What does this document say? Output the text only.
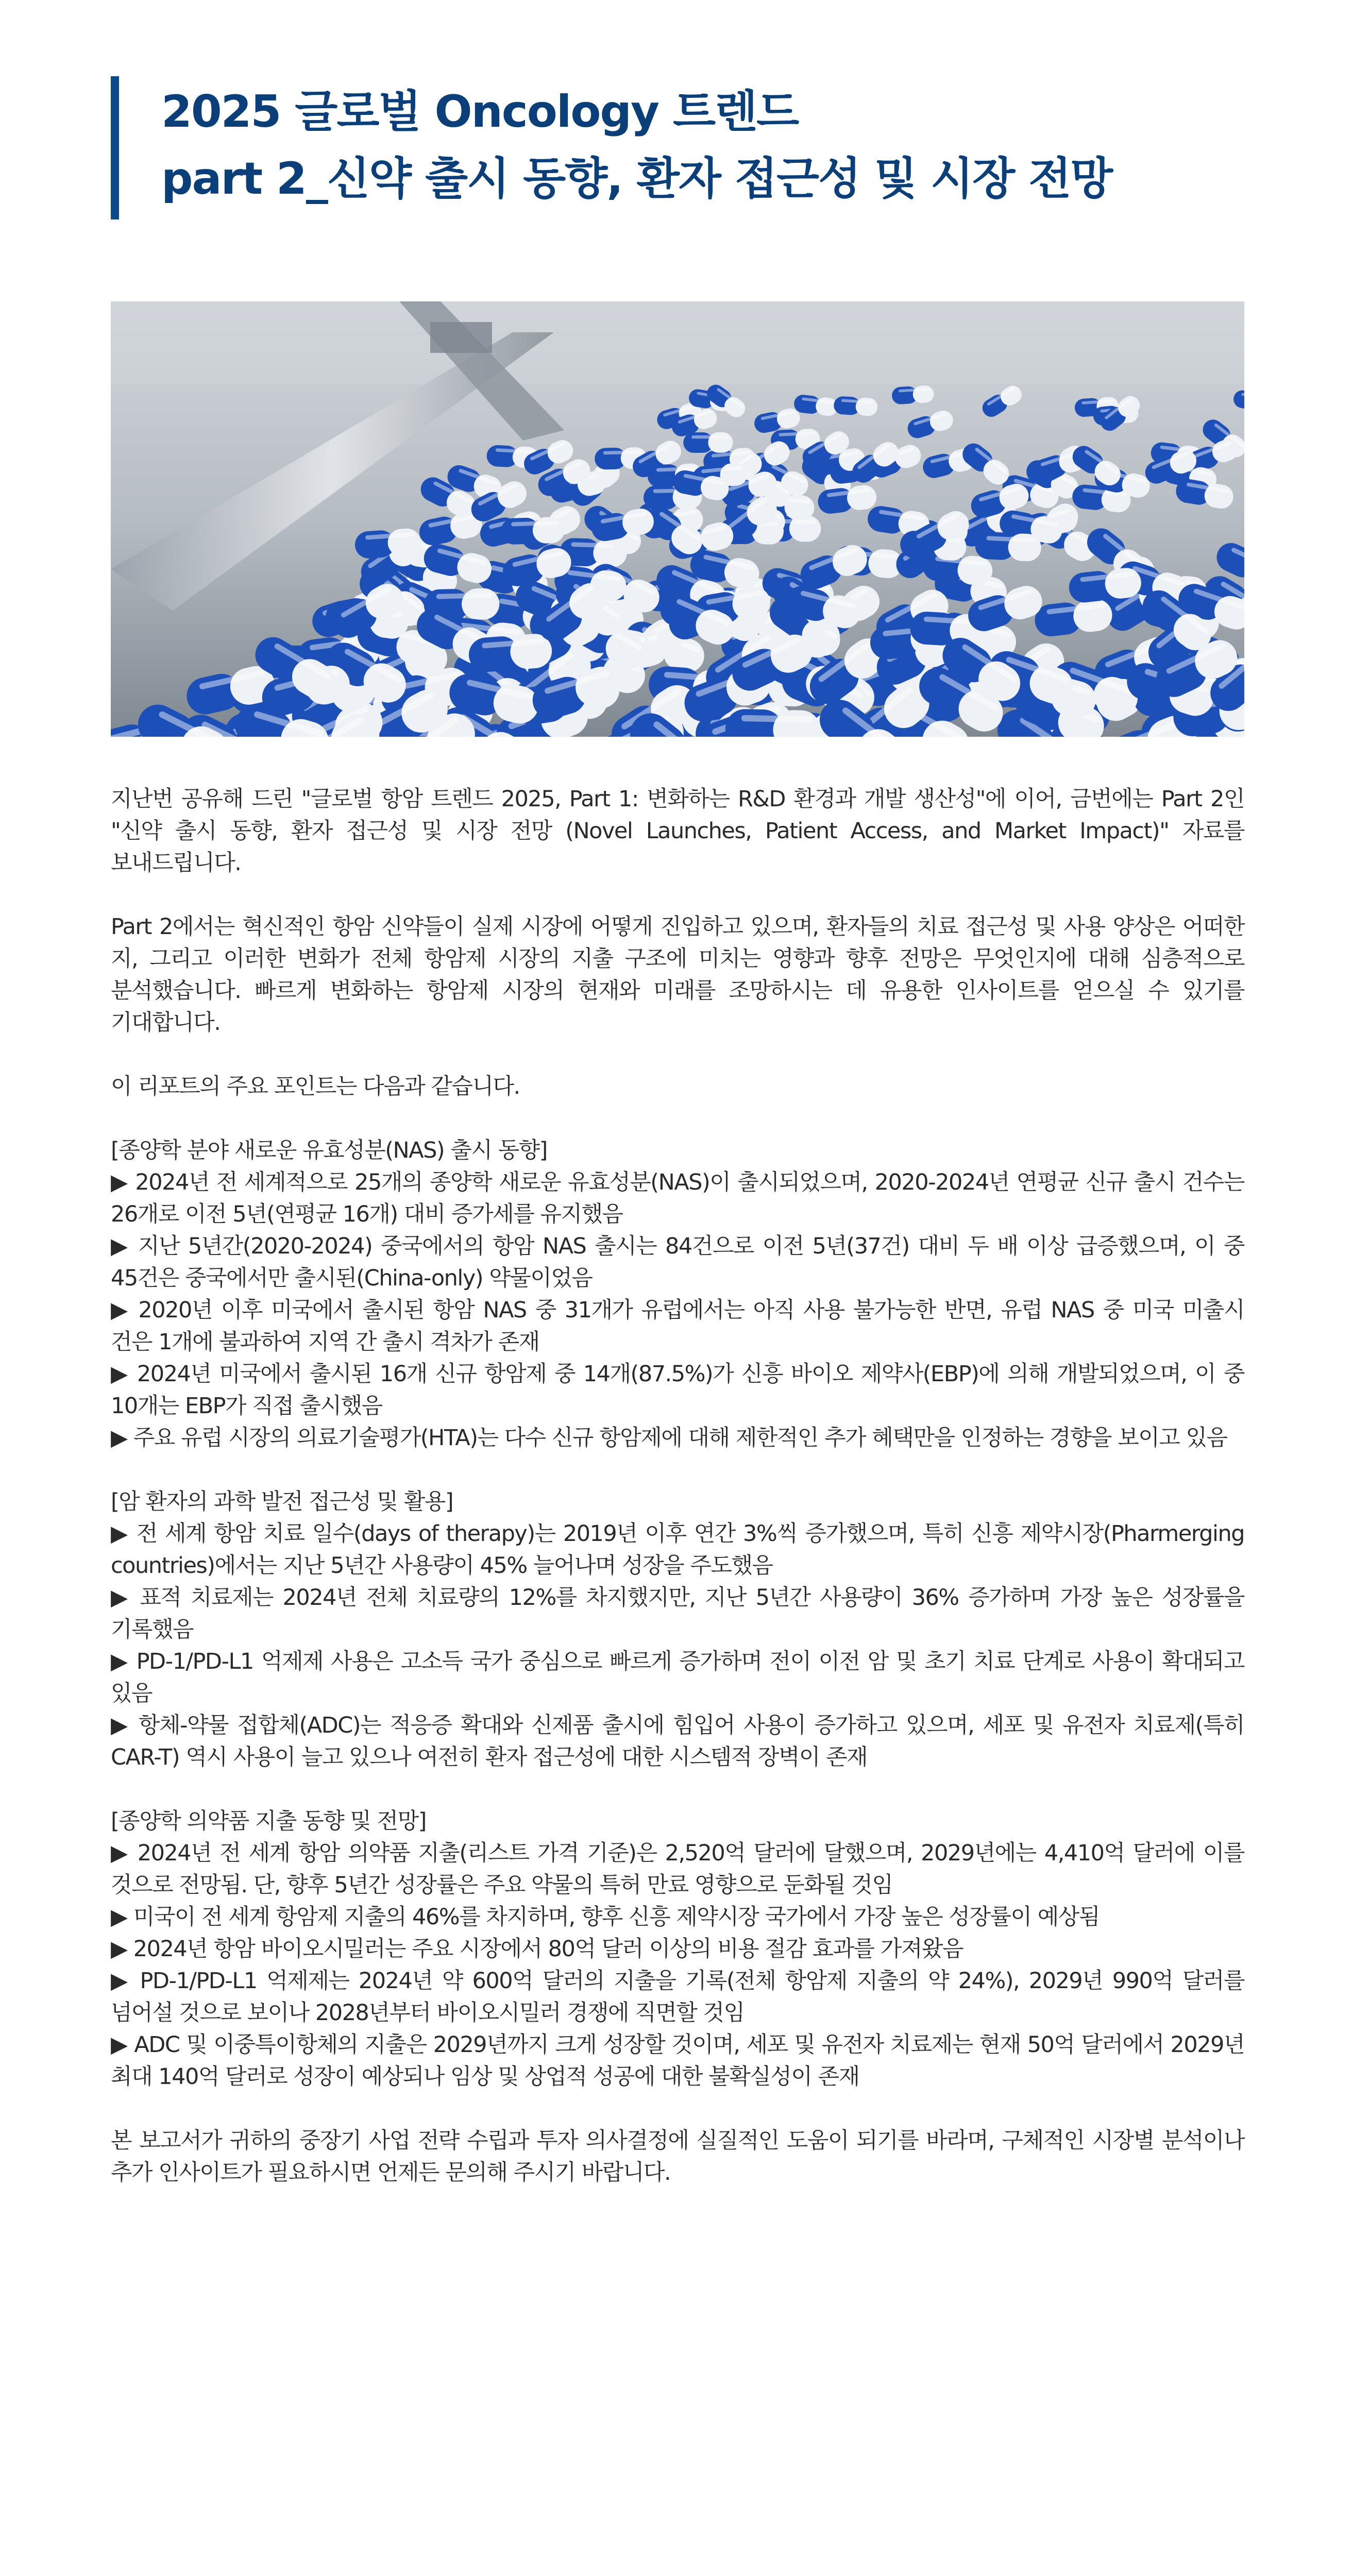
2025 글로벌 Oncology 트렌드
part 2_신약 출시 동향, 환자 접근성 및 시장 전망

지난번 공유해 드린 "글로벌 항암 트렌드 2025, Part 1: 변화하는 R&D 환경과 개발 생산성"에 이어, 금번에는 Part 2인 "신약 출시 동향, 환자 접근성 및 시장 전망 (Novel Launches, Patient Access, and Market Impact)" 자료를 보내드립니다.

Part 2에서는 혁신적인 항암 신약들이 실제 시장에 어떻게 진입하고 있으며, 환자들의 치료 접근성 및 사용 양상은 어떠한 지, 그리고 이러한 변화가 전체 항암제 시장의 지출 구조에 미치는 영향과 향후 전망은 무엇인지에 대해 심층적으로 분석했습니다. 빠르게 변화하는 항암제 시장의 현재와 미래를 조망하시는 데 유용한 인사이트를 얻으실 수 있기를 기대합니다.

이 리포트의 주요 포인트는 다음과 같습니다.

[종양학 분야 새로운 유효성분(NAS) 출시 동향]

▶ 2024년 전 세계적으로 25개의 종양학 새로운 유효성분(NAS)이 출시되었으며, 2020-2024년 연평균 신규 출시 건수는 26개로 이전 5년(연평균 16개) 대비 증가세를 유지했음

▶ 지난 5년간(2020-2024) 중국에서의 항암 NAS 출시는 84건으로 이전 5년(37건) 대비 두 배 이상 급증했으며, 이 중 45건은 중국에서만 출시된(China-only) 약물이었음

▶ 2020년 이후 미국에서 출시된 항암 NAS 중 31개가 유럽에서는 아직 사용 불가능한 반면, 유럽 NAS 중 미국 미출시 건은 1개에 불과하여 지역 간 출시 격차가 존재

▶ 2024년 미국에서 출시된 16개 신규 항암제 중 14개(87.5%)가 신흥 바이오 제약사(EBP)에 의해 개발되었으며, 이 중 10개는 EBP가 직접 출시했음

▶ 주요 유럽 시장의 의료기술평가(HTA)는 다수 신규 항암제에 대해 제한적인 추가 혜택만을 인정하는 경향을 보이고 있음

[암 환자의 과학 발전 접근성 및 활용]

▶ 전 세계 항암 치료 일수(days of therapy)는 2019년 이후 연간 3%씩 증가했으며, 특히 신흥 제약시장(Pharmerging countries)에서는 지난 5년간 사용량이 45% 늘어나며 성장을 주도했음

▶ 표적 치료제는 2024년 전체 치료량의 12%를 차지했지만, 지난 5년간 사용량이 36% 증가하며 가장 높은 성장률을 기록했음

▶ PD-1/PD-L1 억제제 사용은 고소득 국가 중심으로 빠르게 증가하며 전이 이전 암 및 초기 치료 단계로 사용이 확대되고 있음

▶ 항체-약물 접합체(ADC)는 적응증 확대와 신제품 출시에 힘입어 사용이 증가하고 있으며, 세포 및 유전자 치료제(특히 CAR-T) 역시 사용이 늘고 있으나 여전히 환자 접근성에 대한 시스템적 장벽이 존재

[종양학 의약품 지출 동향 및 전망]

▶ 2024년 전 세계 항암 의약품 지출(리스트 가격 기준)은 2,520억 달러에 달했으며, 2029년에는 4,410억 달러에 이를 것으로 전망됨. 단, 향후 5년간 성장률은 주요 약물의 특허 만료 영향으로 둔화될 것임

▶ 미국이 전 세계 항암제 지출의 46%를 차지하며, 향후 신흥 제약시장 국가에서 가장 높은 성장률이 예상됨

▶ 2024년 항암 바이오시밀러는 주요 시장에서 80억 달러 이상의 비용 절감 효과를 가져왔음

▶ PD-1/PD-L1 억제제는 2024년 약 600억 달러의 지출을 기록(전체 항암제 지출의 약 24%), 2029년 990억 달러를 넘어설 것으로 보이나 2028년부터 바이오시밀러 경쟁에 직면할 것임

▶ ADC 및 이중특이항체의 지출은 2029년까지 크게 성장할 것이며, 세포 및 유전자 치료제는 현재 50억 달러에서 2029년 최대 140억 달러로 성장이 예상되나 임상 및 상업적 성공에 대한 불확실성이 존재

본 보고서가 귀하의 중장기 사업 전략 수립과 투자 의사결정에 실질적인 도움이 되기를 바라며, 구체적인 시장별 분석이나 추가 인사이트가 필요하시면 언제든 문의해 주시기 바랍니다.
